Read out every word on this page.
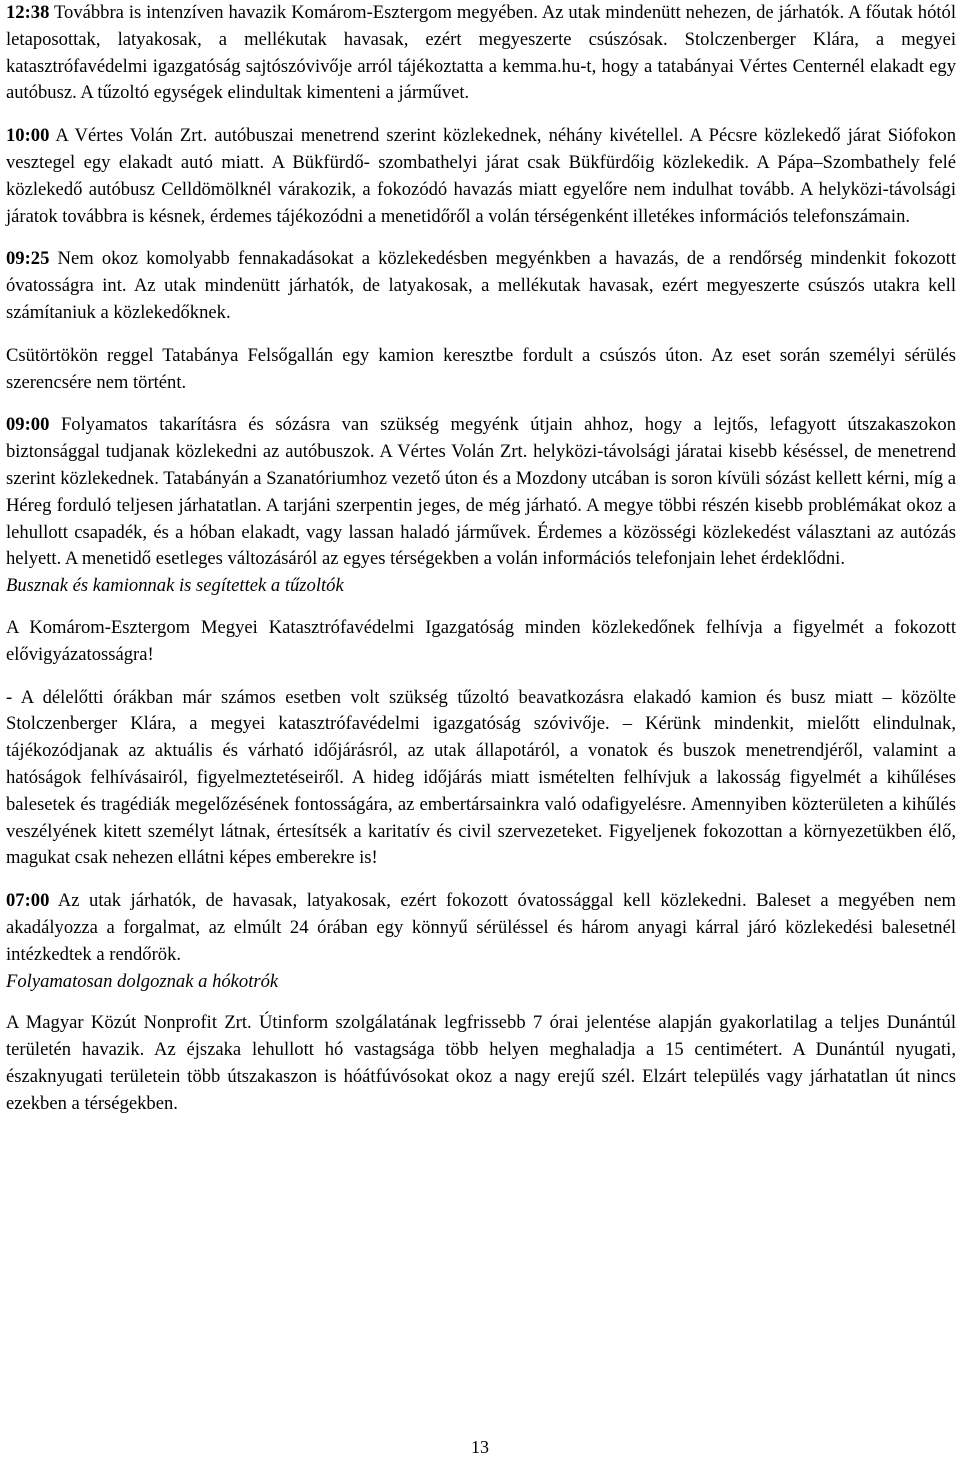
12:38 Továbbra is intenzíven havazik Komárom-Esztergom megyében. Az utak mindenütt nehezen, de járhatók. A főutak hótól letaposottak, latyakosak, a mellékutak havasak, ezért megyeszerte csúszósak. Stolczenberger Klára, a megyei katasztrófavédelmi igazgatóság sajtószóvivője arról tájékoztatta a kemma.hu-t, hogy a tatabányai Vértes Centernél elakadt egy autóbusz. A tűzoltó egységek elindultak kimenteni a járművet.

10:00 A Vértes Volán Zrt. autóbuszai menetrend szerint közlekednek, néhány kivétellel. A Pécsre közlekedő járat Siófokon vesztegel egy elakadt autó miatt. A Bükfürdő- szombathelyi járat csak Bükfürdőig közlekedik. A Pápa–Szombathely felé közlekedő autóbusz Celldömölknél várakozik, a fokozódó havazás miatt egyelőre nem indulhat tovább. A helyközi-távolsági járatok továbbra is késnek, érdemes tájékozódni a menetidőről a volán térségenként illetékes információs telefonszámain.

09:25 Nem okoz komolyabb fennakadásokat a közlekedésben megyénkben a havazás, de a rendőrség mindenkit fokozott óvatosságra int. Az utak mindenütt járhatók, de latyakosak, a mellékutak havasak, ezért megyeszerte csúszós utakra kell számítaniuk a közlekedőknek.

Csütörtökön reggel Tatabánya Felsőgallán egy kamion keresztbe fordult a csúszós úton. Az eset során személyi sérülés szerencsére nem történt.

09:00 Folyamatos takarításra és sózásra van szükség megyénk útjain ahhoz, hogy a lejtős, lefagyott útszakaszokon biztonsággal tudjanak közlekedni az autóbuszok. A Vértes Volán Zrt. helyközi-távolsági járatai kisebb késéssel, de menetrend szerint közlekednek. Tatabányán a Szanatóriumhoz vezető úton és a Mozdony utcában is soron kívüli sózást kellett kérni, míg a Héreg forduló teljesen járhatatlan. A tarjáni szerpentin jeges, de még járható. A megye többi részén kisebb problémákat okoz a lehullott csapadék, és a hóban elakadt, vagy lassan haladó járművek. Érdemes a közösségi közlekedést választani az autózás helyett. A menetidő esetleges változásáról az egyes térségekben a volán információs telefonjain lehet érdeklődni.

Busznak és kamionnak is segítettek a tűzoltók

A Komárom-Esztergom Megyei Katasztrófavédelmi Igazgatóság minden közlekedőnek felhívja a figyelmét a fokozott elővigyázatosságra!

- A délelőtti órákban már számos esetben volt szükség tűzoltó beavatkozásra elakadó kamion és busz miatt – közölte Stolczenberger Klára, a megyei katasztrófavédelmi igazgatóság szóvivője. – Kérünk mindenkit, mielőtt elindulnak, tájékozódjanak az aktuális és várható időjárásról, az utak állapotáról, a vonatok és buszok menetrendjéről, valamint a hatóságok felhívásairól, figyelmeztetéseiről. A hideg időjárás miatt ismételten felhívjuk a lakosság figyelmét a kihűléses balesetek és tragédiák megelőzésének fontosságára, az embertársainkra való odafigyelésre. Amennyiben közterületen a kihűlés veszélyének kitett személyt látnak, értesítsék a karitatív és civil szervezeteket. Figyeljenek fokozottan a környezetükben élő, magukat csak nehezen ellátni képes emberekre is!

07:00 Az utak járhatók, de havasak, latyakosak, ezért fokozott óvatossággal kell közlekedni. Baleset a megyében nem akadályozza a forgalmat, az elmúlt 24 órában egy könnyű sérüléssel és három anyagi kárral járó közlekedési balesetnél intézkedtek a rendőrök.

Folyamatosan dolgoznak a hókotrók

A Magyar Közút Nonprofit Zrt. Útinform szolgálatának legfrissebb 7 órai jelentése alapján gyakorlatilag a teljes Dunántúl területén havazik. Az éjszaka lehullott hó vastagsága több helyen meghaladja a 15 centimétert. A Dunántúl nyugati, északnyugati területein több útszakaszon is hóátfúvósokat okoz a nagy erejű szél. Elzárt település vagy járhatatlan út nincs ezekben a térségekben.

13
